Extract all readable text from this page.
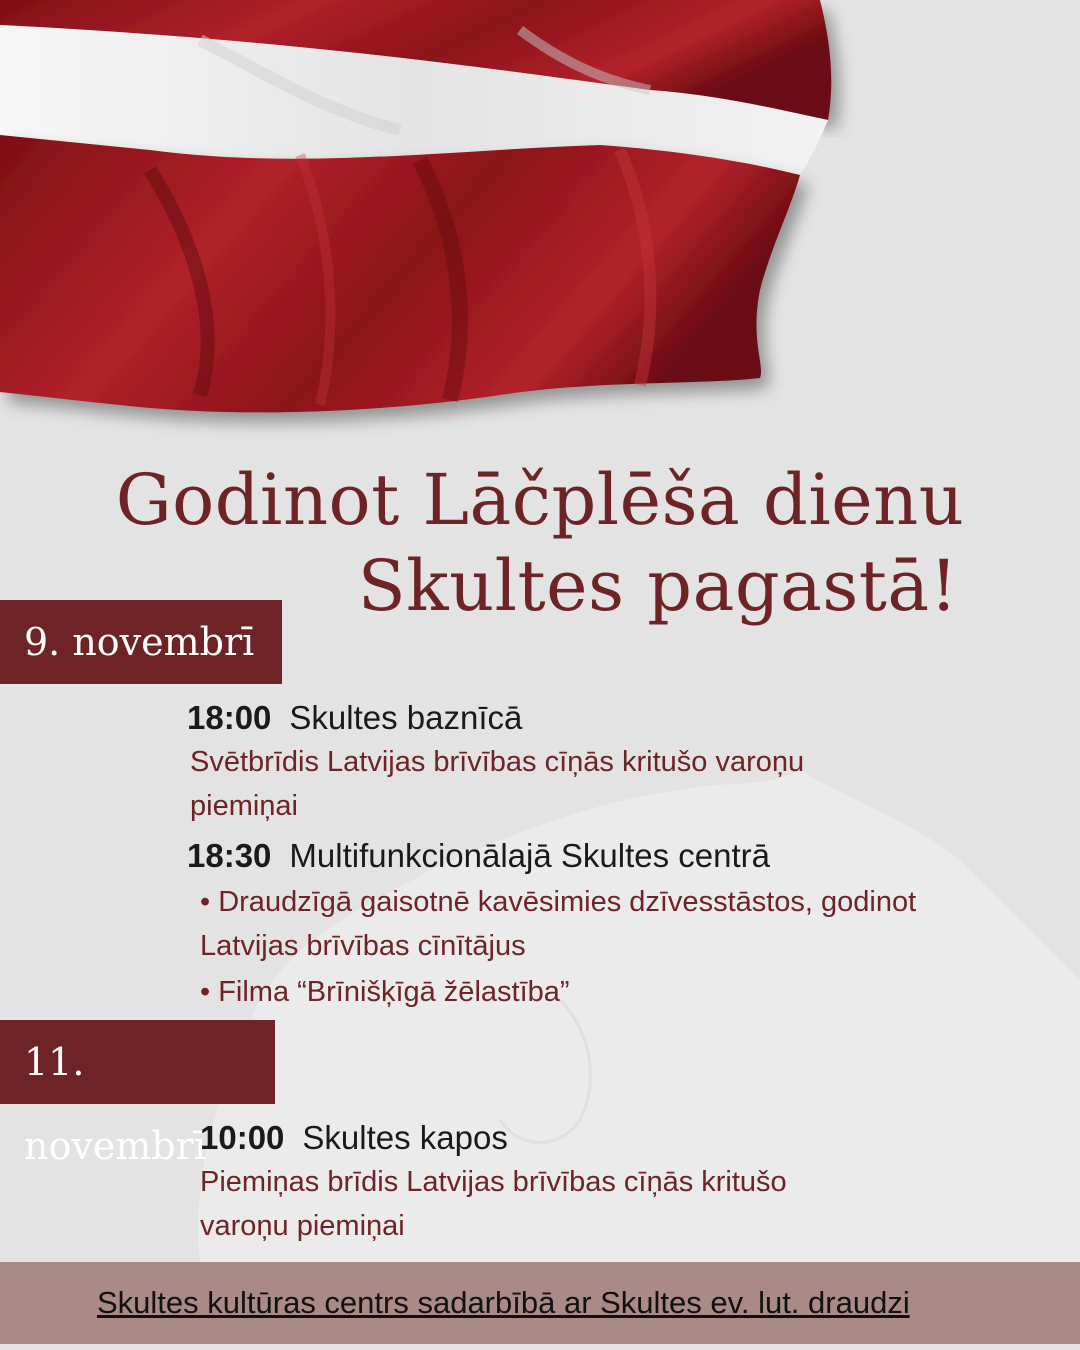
Godinot Lāčplēša dienu
Skultes pagastā!
9. novembrī
18:00 Skultes baznīcā
Svētbrīdis Latvijas brīvības cīņās kritušo varoņu
piemiņai
18:30 Multifunkcionālajā Skultes centrā
• Draudzīgā gaisotnē kavēsimies dzīvesstāstos, godinot
Latvijas brīvības cīnītājus
• Filma “Brīnišķīgā žēlastība”
11. novembrī
10:00 Skultes kapos
Piemiņas brīdis Latvijas brīvības cīņās kritušo
varoņu piemiņai
Skultes kultūras centrs sadarbībā ar Skultes ev. lut. draudzi
